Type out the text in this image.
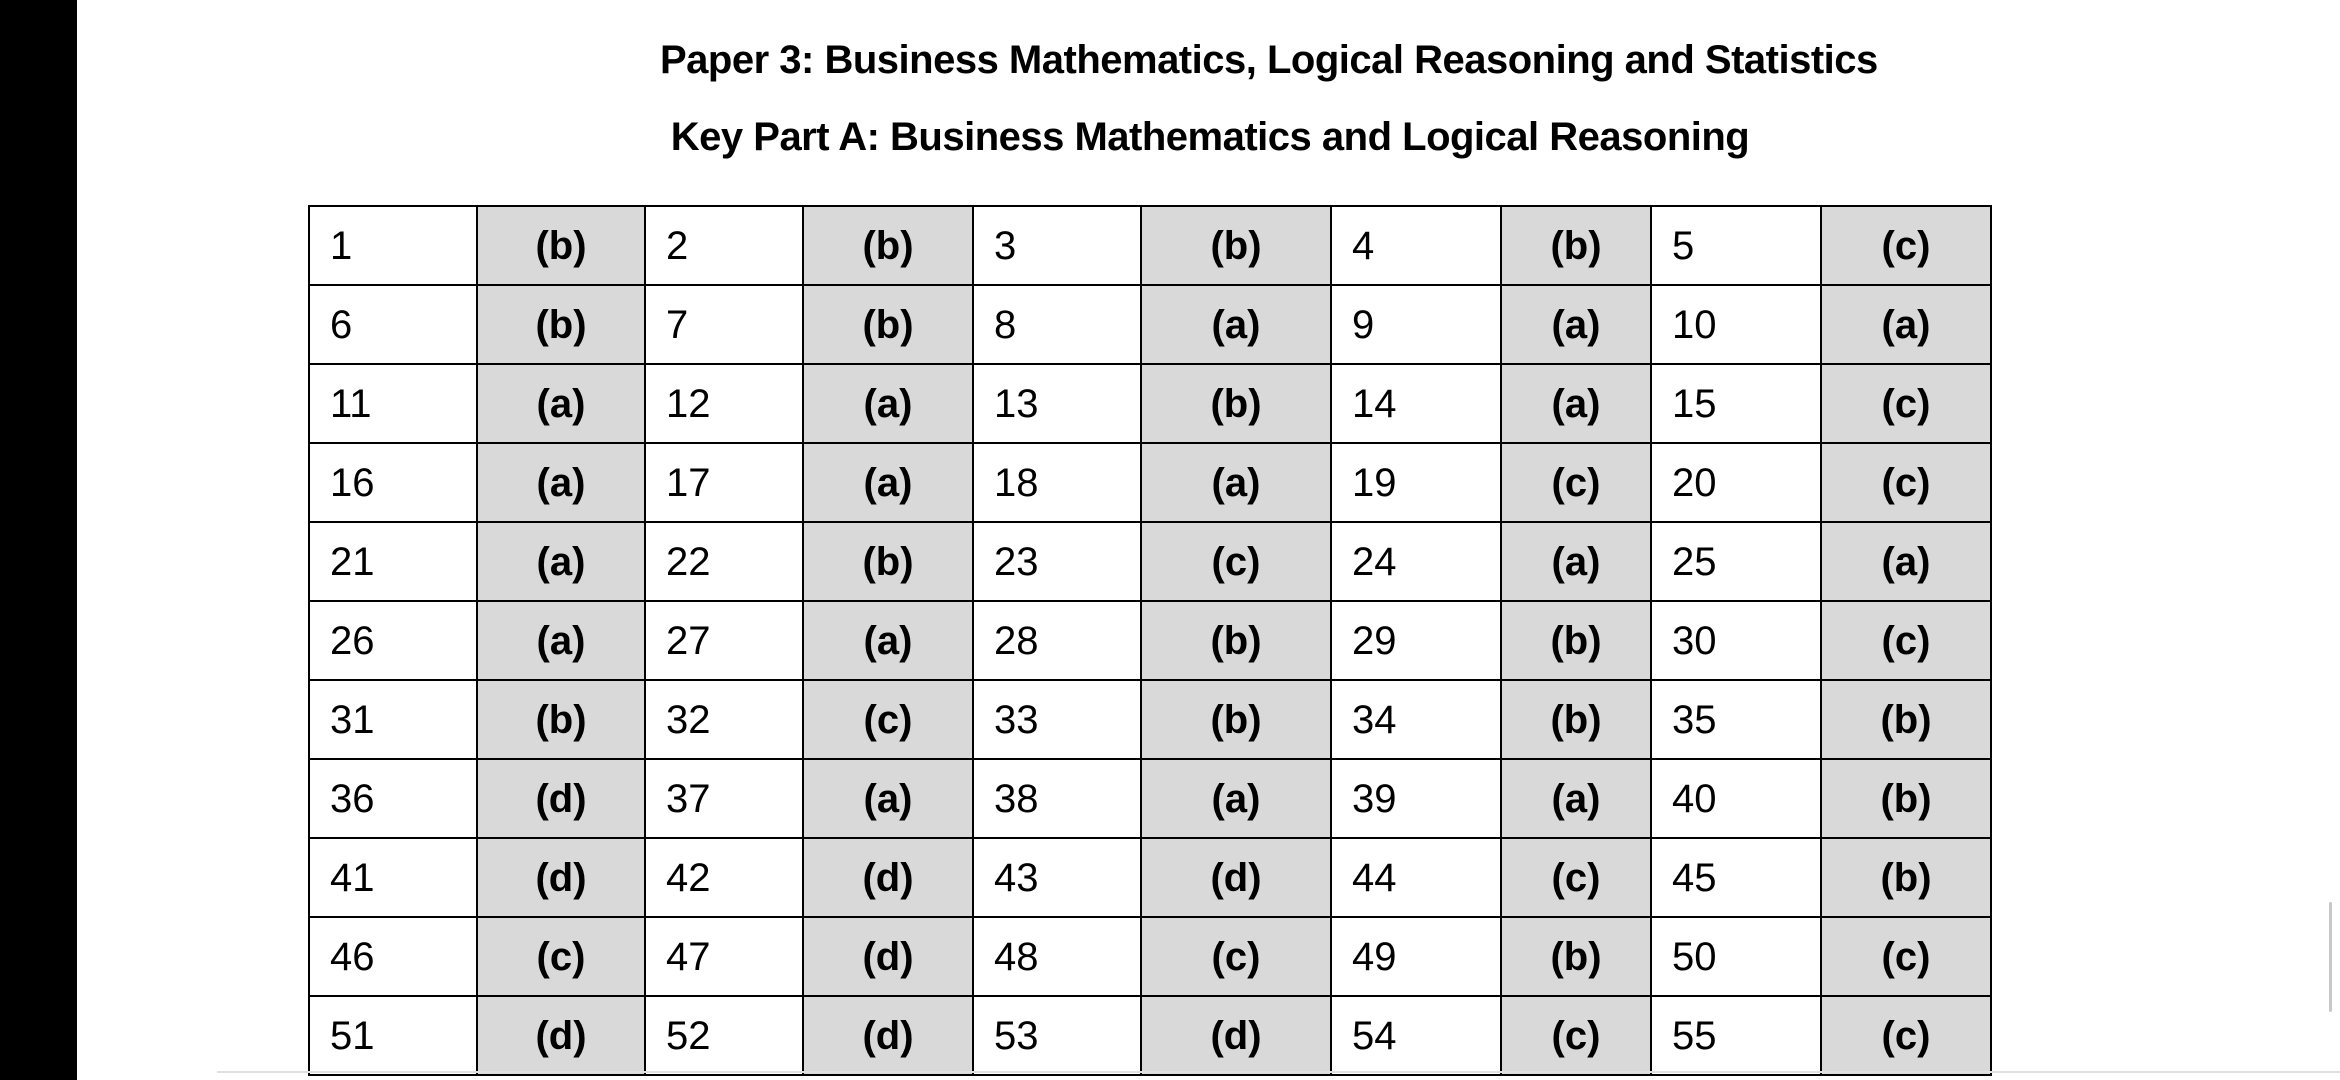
Paper 3: Business Mathematics, Logical Reasoning and Statistics
Key Part A: Business Mathematics and Logical Reasoning
1	(b)	2	(b)	3	(b)	4	(b)	5	(c)
6	(b)	7	(b)	8	(a)	9	(a)	10	(a)
11	(a)	12	(a)	13	(b)	14	(a)	15	(c)
16	(a)	17	(a)	18	(a)	19	(c)	20	(c)
21	(a)	22	(b)	23	(c)	24	(a)	25	(a)
26	(a)	27	(a)	28	(b)	29	(b)	30	(c)
31	(b)	32	(c)	33	(b)	34	(b)	35	(b)
36	(d)	37	(a)	38	(a)	39	(a)	40	(b)
41	(d)	42	(d)	43	(d)	44	(c)	45	(b)
46	(c)	47	(d)	48	(c)	49	(b)	50	(c)
51	(d)	52	(d)	53	(d)	54	(c)	55	(c)
